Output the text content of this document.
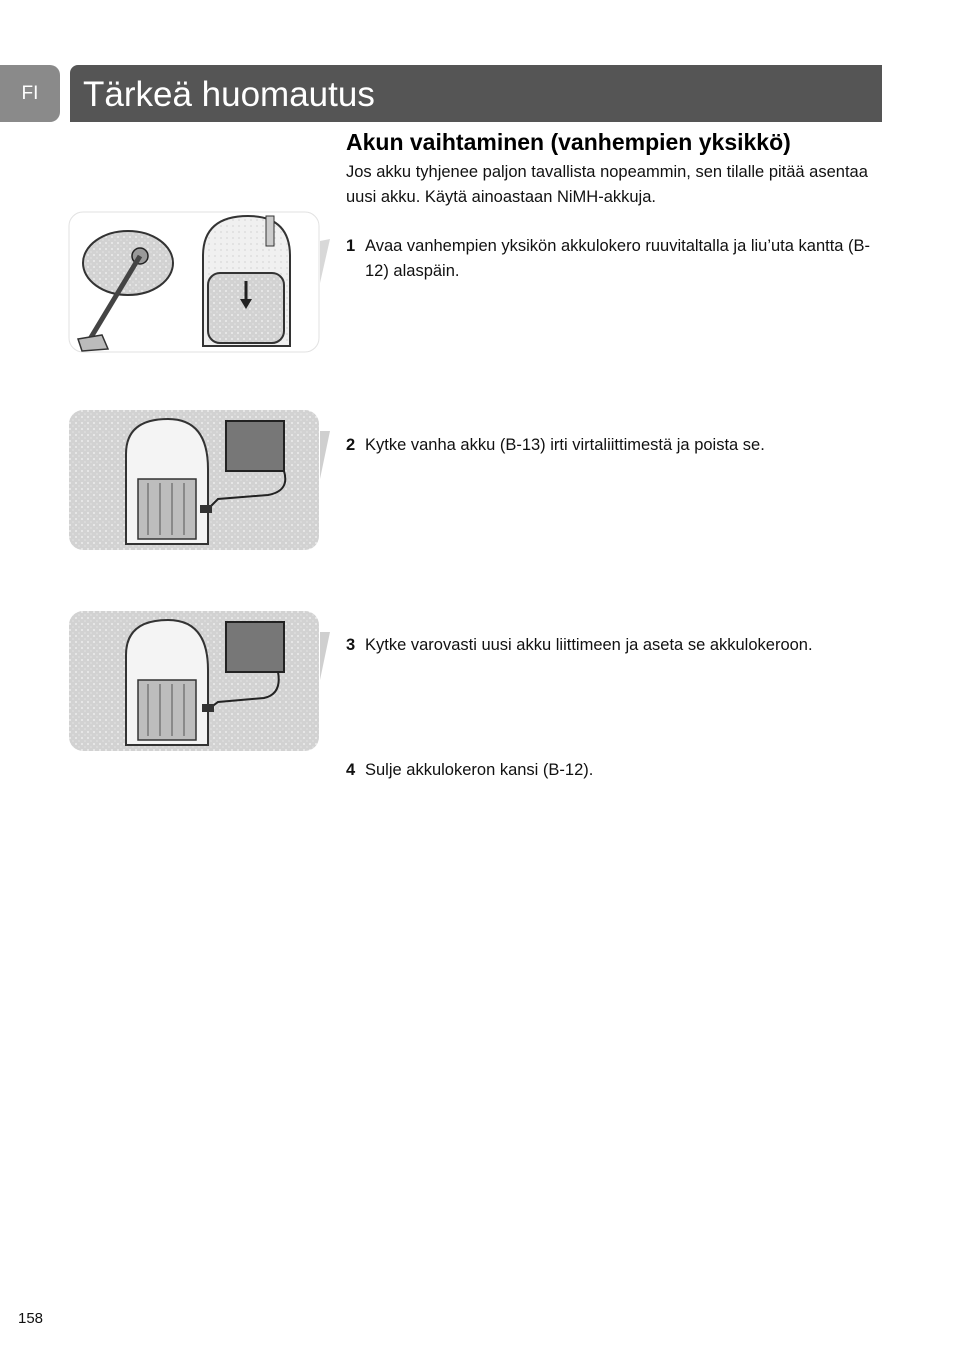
FI	Tärkeä huomautus
Akun vaihtaminen (vanhempien yksikkö)
Jos akku tyhjenee paljon tavallista nopeammin, sen tilalle pitää asentaa uusi akku. Käytä ainoastaan NiMH-akkuja.
1 Avaa vanhempien yksikön akkulokero ruuvitaltalla ja liu’uta kantta (B-12) alaspäin.
2 Kytke vanha akku (B-13) irti virtaliittimestä ja poista se.
3 Kytke varovasti uusi akku liittimeen ja aseta se akkulokeroon.
4 Sulje akkulokeron kansi (B-12).
158
